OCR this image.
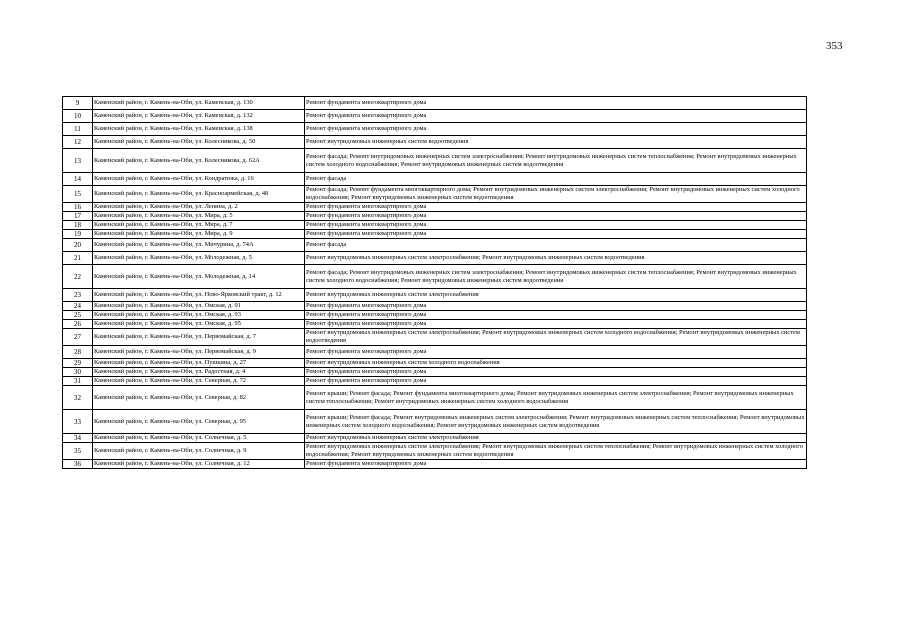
353
9	Каменский район, г. Камень-на-Оби, ул. Каменская, д. 130	Ремонт фундамента многоквартирного дома
10	Каменский район, г. Камень-на-Оби, ул. Каменская, д. 132	Ремонт фундамента многоквартирного дома
11	Каменский район, г. Камень-на-Оби, ул. Каменская, д. 138	Ремонт фундамента многоквартирного дома
12	Каменский район, г. Камень-на-Оби, ул. Колесникова, д. 50	Ремонт внутридомовых инженерных систем водоотведения
13	Каменский район, г. Камень-на-Оби, ул. Колесникова, д. 62А	Ремонт фасада; Ремонт внутридомовых инженерных систем электроснабжения; Ремонт внутридомовых инженерных систем теплоснабжения; Ремонт внутридомовых инженерных систем холодного водоснабжения; Ремонт внутридомовых инженерных систем водоотведения
14	Каменский район, г. Камень-на-Оби, ул. Кондратюка, д. 16	Ремонт фасада
15	Каменский район, г. Камень-на-Оби, ул. Красноармейская, д. 48	Ремонт фасада; Ремонт фундамента многоквартирного дома; Ремонт внутридомовых инженерных систем электроснабжения; Ремонт внутридомовых инженерных систем холодного водоснабжения; Ремонт внутридомовых инженерных систем водоотведения
16	Каменский район, г. Камень-на-Оби, ул. Ленина, д. 2	Ремонт фундамента многоквартирного дома
17	Каменский район, г. Камень-на-Оби, ул. Мира, д. 5	Ремонт фундамента многоквартирного дома
18	Каменский район, г. Камень-на-Оби, ул. Мира, д. 7	Ремонт фундамента многоквартирного дома
19	Каменский район, г. Камень-на-Оби, ул. Мира, д. 9	Ремонт фундамента многоквартирного дома
20	Каменский район, г. Камень-на-Оби, ул. Мичурина, д. 74А	Ремонт фасада
21	Каменский район, г. Камень-на-Оби, ул. Молодежная, д. 5	Ремонт внутридомовых инженерных систем электроснабжения; Ремонт внутридомовых инженерных систем водоотведения
22	Каменский район, г. Камень-на-Оби, ул. Молодежная, д. 14	Ремонт фасада; Ремонт внутридомовых инженерных систем электроснабжения; Ремонт внутридомовых инженерных систем теплоснабжения; Ремонт внутридомовых инженерных систем холодного водоснабжения; Ремонт внутридомовых инженерных систем водоотведения
23	Каменский район, г. Камень-на-Оби, ул. Ново-Ярковский тракт, д. 12	Ремонт внутридомовых инженерных систем электроснабжения
24	Каменский район, г. Камень-на-Оби, ул. Омская, д. 91	Ремонт фундамента многоквартирного дома
25	Каменский район, г. Камень-на-Оби, ул. Омская, д. 93	Ремонт фундамента многоквартирного дома
26	Каменский район, г. Камень-на-Оби, ул. Омская, д. 95	Ремонт фундамента многоквартирного дома
27	Каменский район, г. Камень-на-Оби, ул. Первомайская, д. 7	Ремонт внутридомовых инженерных систем электроснабжения; Ремонт внутридомовых инженерных систем холодного водоснабжения; Ремонт внутридомовых инженерных систем водоотведения
28	Каменский район, г. Камень-на-Оби, ул. Первомайская, д. 9	Ремонт фундамента многоквартирного дома
29	Каменский район, г. Камень-на-Оби, ул. Пушкина, д. 27	Ремонт внутридомовых инженерных систем холодного водоснабжения
30	Каменский район, г. Камень-на-Оби, ул. Радостная, д. 4	Ремонт фундамента многоквартирного дома
31	Каменский район, г. Камень-на-Оби, ул. Северная, д. 72	Ремонт фундамента многоквартирного дома
32	Каменский район, г. Камень-на-Оби, ул. Северная, д. 82	Ремонт крыши; Ремонт фасада; Ремонт фундамента многоквартирного дома; Ремонт внутридомовых инженерных систем электроснабжения; Ремонт внутридомовых инженерных систем теплоснабжения; Ремонт внутридомовых инженерных систем холодного водоснабжения
33	Каменский район, г. Камень-на-Оби, ул. Северная, д. 95	Ремонт крыши; Ремонт фасада; Ремонт внутридомовых инженерных систем электроснабжения; Ремонт внутридомовых инженерных систем теплоснабжения; Ремонт внутридомовых инженерных систем холодного водоснабжения; Ремонт внутридомовых инженерных систем водоотведения
34	Каменский район, г. Камень-на-Оби, ул. Солнечная, д. 5	Ремонт внутридомовых инженерных систем электроснабжения
35	Каменский район, г. Камень-на-Оби, ул. Солнечная, д. 9	Ремонт внутридомовых инженерных систем электроснабжения; Ремонт внутридомовых инженерных систем теплоснабжения; Ремонт внутридомовых инженерных систем холодного водоснабжения; Ремонт внутридомовых инженерных систем водоотведения
36	Каменский район, г. Камень-на-Оби, ул. Солнечная, д. 12	Ремонт фундамента многоквартирного дома
